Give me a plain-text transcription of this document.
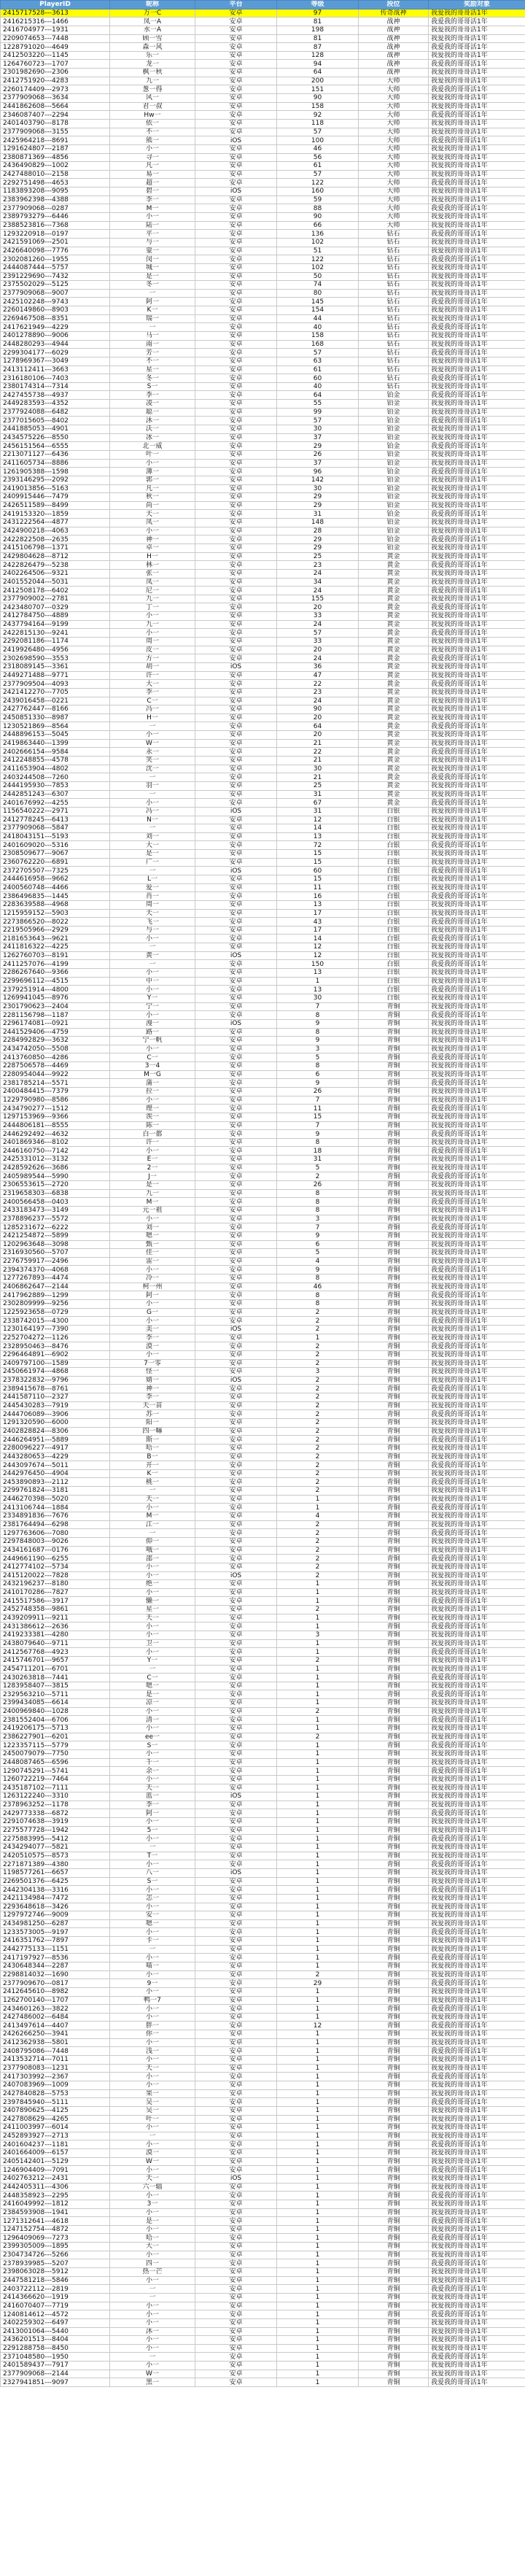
PlayerID	昵称	平台	等级	段位	奖励对象
2415717528---3613	万一C	安卓	97	传奇战神	我爱我的哥哥活1年
2416215316---1466	凤一A	安卓	81	战神	我爱我的哥哥活1年
2416704977---1931	水一A	安卓	198	战神	我爱我的哥哥活1年
2209074653---7448	顾一雪	安卓	81	战神	我爱我的哥哥活1年
1228791020---4649	森一风	安卓	87	战神	我爱我的哥哥活1年
2412503220---1145	乐一	安卓	128	战神	我爱我的哥哥活1年
1264760723---1707	龙一	安卓	94	战神	我爱我的哥哥活1年
2301982690---2306	枫一秋	安卓	64	战神	我爱我的哥哥活1年
2412751920---4283	九一	安卓	200	大师	我爱我的哥哥活1年
2260174409---2973	葱一得	安卓	151	大师	我爱我的哥哥活1年
2377909068---3634	风一	安卓	90	大师	我爱我的哥哥活1年
2441862608---5664	君一叔	安卓	158	大师	我爱我的哥哥活1年
2346087407---2294	Hw一	安卓	92	大师	我爱我的哥哥活1年
2401403790---8178	依一	安卓	118	大师	我爱我的哥哥活1年
2377909068---3155	不一	安卓	57	大师	我爱我的哥哥活1年
2425964218---8691	熊一	iOS	100	大师	我爱我的哥哥活1年
1291624807---2187	小一	安卓	46	大师	我爱我的哥哥活1年
2380871369---4856	寻一	安卓	56	大师	我爱我的哥哥活1年
2436490829---1002	凡一	安卓	61	大师	我爱我的哥哥活1年
2427488010---2158	易一	安卓	57	大师	我爱我的哥哥活1年
2292751498---4653	超一	安卓	122	大师	我爱我的哥哥活1年
1183893208---9095	碧一	iOS	160	大师	我爱我的哥哥活1年
2383962398---4388	李一	安卓	59	大师	我爱我的哥哥活1年
2377909068---0287	M一	安卓	88	大师	我爱我的哥哥活1年
2389793279---6446	小一	安卓	90	大师	我爱我的哥哥活1年
2388523816---7368	陆一	安卓	66	大师	我爱我的哥哥活1年
1293220918---0197	平一	安卓	136	钻石	我爱我的哥哥活1年
2421591069---2501	与一	安卓	102	钻石	我爱我的哥哥活1年
2426640098---7776	蒙一	安卓	51	钻石	我爱我的哥哥活1年
2302081260---1955	闵一	安卓	122	钻石	我爱我的哥哥活1年
2444087444---5757	城一	安卓	102	钻石	我爱我的哥哥活1年
2391229690---7432	是一	安卓	50	钻石	我爱我的哥哥活1年
2375502029---5125	冬一	安卓	74	钻石	我爱我的哥哥活1年
2377909068---9007	一	安卓	80	钻石	我爱我的哥哥活1年
2425102248---9743	阿一	安卓	145	钻石	我爱我的哥哥活1年
2260149860---8903	K一	安卓	154	钻石	我爱我的哥哥活1年
2269467508---8351	瑞一	安卓	44	钻石	我爱我的哥哥活1年
2417621949---4229	一	安卓	40	钻石	我爱我的哥哥活1年
2401278890---9006	马一	安卓	158	钻石	我爱我的哥哥活1年
2448280293---4944	南一	安卓	168	钻石	我爱我的哥哥活1年
2299304177---6029	芳一	安卓	57	钻石	我爱我的哥哥活1年
1278969367---3049	不一	安卓	63	钻石	我爱我的哥哥活1年
2413112411---3663	星一	安卓	61	钻石	我爱我的哥哥活1年
2316180106---7403	冬一	安卓	60	钻石	我爱我的哥哥活1年
2380174314---7314	S一	安卓	40	钻石	我爱我的哥哥活1年
2427455738---4937	李一	安卓	64	铂金	我爱我的哥哥活1年
2449283593---4352	凌一	安卓	55	铂金	我爱我的哥哥活1年
2377924088---6482	聪一	安卓	99	铂金	我爱我的哥哥活1年
2377015605---8402	沐一	安卓	57	铂金	我爱我的哥哥活1年
2441885053---4901	沃一	安卓	30	铂金	我爱我的哥哥活1年
2434575226---8550	冰一	安卓	37	铂金	我爱我的哥哥活1年
2456151564---6555	北一威	安卓	29	铂金	我爱我的哥哥活1年
2213071127---6436	叶一	安卓	26	铂金	我爱我的哥哥活1年
2411605734---8886	小一	安卓	37	铂金	我爱我的哥哥活1年
1261905388---1598	薄一	安卓	96	铂金	我爱我的哥哥活1年
2393146295---2092	郭一	安卓	142	铂金	我爱我的哥哥活1年
2419013856---5163	凡一	安卓	30	铂金	我爱我的哥哥活1年
2409915446---7479	秋一	安卓	29	铂金	我爱我的哥哥活1年
2426511589---8499	尚一	安卓	29	铂金	我爱我的哥哥活1年
2419153320---1859	天一	安卓	31	铂金	我爱我的哥哥活1年
2431222564---4877	凤一	安卓	148	铂金	我爱我的哥哥活1年
2424900218---4063	小一	安卓	28	铂金	我爱我的哥哥活1年
2422822508---2635	神一	安卓	29	铂金	我爱我的哥哥活1年
2415106798---1371	卓一	安卓	29	铂金	我爱我的哥哥活1年
2429804628---8712	H一	安卓	25	黄金	我爱我的哥哥活1年
2422826479---5238	林一	安卓	23	黄金	我爱我的哥哥活1年
2402264506---9321	张一	安卓	24	黄金	我爱我的哥哥活1年
2401552044---5031	凤一	安卓	34	黄金	我爱我的哥哥活1年
2412508178---6402	尼一	安卓	24	黄金	我爱我的哥哥活1年
2377909002---2781	九一	安卓	155	黄金	我爱我的哥哥活1年
2423480707---0329	丁一	安卓	20	黄金	我爱我的哥哥活1年
2412784750---4889	小一	安卓	33	黄金	我爱我的哥哥活1年
2437794164---9199	九一	安卓	24	黄金	我爱我的哥哥活1年
2422815130---9241	小一	安卓	57	黄金	我爱我的哥哥活1年
2292081186---1174	周一	安卓	33	黄金	我爱我的哥哥活1年
2419926480---4956	皮一	安卓	20	黄金	我爱我的哥哥活1年
2302698590---3553	方一	安卓	24	黄金	我爱我的哥哥活1年
2318089145---3361	胡一	iOS	36	黄金	我爱我的哥哥活1年
2449271488---9771	许一	安卓	47	黄金	我爱我的哥哥活1年
2377909504---4093	大一	安卓	22	黄金	我爱我的哥哥活1年
2421412270---7705	李一	安卓	23	黄金	我爱我的哥哥活1年
2439016458---0221	C一	安卓	24	黄金	我爱我的哥哥活1年
2427762447---8166	冯一	安卓	90	黄金	我爱我的哥哥活1年
2450851330---8987	H一	安卓	20	黄金	我爱我的哥哥活1年
1230521869---8564	一	安卓	64	黄金	我爱我的哥哥活1年
2448896153---5045	小一	安卓	20	黄金	我爱我的哥哥活1年
2419863440---1399	W一	安卓	21	黄金	我爱我的哥哥活1年
2402666154---9584	永一	安卓	22	黄金	我爱我的哥哥活1年
2412248855---4578	笑一	安卓	21	黄金	我爱我的哥哥活1年
2411653904---4802	沈一	安卓	30	黄金	我爱我的哥哥活1年
2403244508---7260	一	安卓	21	黄金	我爱我的哥哥活1年
2444195930---7853	羽一	安卓	25	黄金	我爱我的哥哥活1年
2442851243---6307	一	安卓	31	黄金	我爱我的哥哥活1年
2401676992---4255	小一	安卓	67	黄金	我爱我的哥哥活1年
1156540222---2971	冯一	iOS	31	白银	我爱我的哥哥活1年
2412778245---6413	N一	安卓	12	白银	我爱我的哥哥活1年
2377909068---5847	一	安卓	14	白银	我爱我的哥哥活1年
2418043151---5193	刘一	安卓	13	白银	我爱我的哥哥活1年
2401609020---5316	大一	安卓	72	白银	我爱我的哥哥活1年
2308509677---9067	是一	安卓	15	白银	我爱我的哥哥活1年
2360762220---6891	广一	安卓	15	白银	我爱我的哥哥活1年
2372705507---7325	一	iOS	60	白银	我爱我的哥哥活1年
2444616958---9662	L一	安卓	15	白银	我爱我的哥哥活1年
2400560748---4466	爱一	安卓	11	白银	我爱我的哥哥活1年
2386496835---1445	肖一	安卓	16	白银	我爱我的哥哥活1年
2283639588---4968	周一	安卓	13	白银	我爱我的哥哥活1年
1215959152---5903	天一	安卓	17	白银	我爱我的哥哥活1年
2273866520---8022	飞一	安卓	43	白银	我爱我的哥哥活1年
2219505966---2929	与一	安卓	17	白银	我爱我的哥哥活1年
2181653643---9621	小一	安卓	14	白银	我爱我的哥哥活1年
2411816322---4225	一	安卓	12	白银	我爱我的哥哥活1年
1262760703---8191	黄一	iOS	12	白银	我爱我的哥哥活1年
2411257076---4199	一	安卓	150	白银	我爱我的哥哥活1年
2286267640---9366	小一	安卓	13	白银	我爱我的哥哥活1年
2299696112---4515	中一	安卓	1	白银	我爱我的哥哥活1年
2379251914---4800	小一	安卓	13	白银	我爱我的哥哥活1年
1269941045---8976	Y一	安卓	30	白银	我爱我的哥哥活1年
2301790623---2404	宁一	安卓	7	青铜	我爱我的哥哥活1年
2281156798---1187	小一	安卓	8	青铜	我爱我的哥哥活1年
2296174081---0921	漫一	iOS	9	青铜	我爱我的哥哥活1年
2441529406---4759	路一	安卓	8	青铜	我爱我的哥哥活1年
2284992829---3632	宁一帆	安卓	9	青铜	我爱我的哥哥活1年
2434742050---5508	小一	安卓	3	青铜	我爱我的哥哥活1年
2413760850---4286	C一	安卓	5	青铜	我爱我的哥哥活1年
2287506578---4469	3一4	安卓	8	青铜	我爱我的哥哥活1年
2280954044---9922	M一G	安卓	6	青铜	我爱我的哥哥活1年
2381785214---5571	蒲一	安卓	9	青铜	我爱我的哥哥活1年
2400484415---7379	拉一	安卓	26	青铜	我爱我的哥哥活1年
1229790980---8586	小一	安卓	7	青铜	我爱我的哥哥活1年
2434790277---1512	理一	安卓	11	青铜	我爱我的哥哥活1年
1297153969---9366	诶一	安卓	15	青铜	我爱我的哥哥活1年
2444806181---8555	陈一	安卓	7	青铜	我爱我的哥哥活1年
2446292492---4632	白一都	安卓	9	青铜	我爱我的哥哥活1年
2401869346---8102	许一	安卓	8	青铜	我爱我的哥哥活1年
2446160750---7142	小一	安卓	18	青铜	我爱我的哥哥活1年
2425331012---3132	E一	安卓	31	青铜	我爱我的哥哥活1年
2428592626---3686	2一	安卓	5	青铜	我爱我的哥哥活1年
2405989544---5990	J一	安卓	2	青铜	我爱我的哥哥活1年
2306553615---2720	是一	安卓	26	青铜	我爱我的哥哥活1年
2319658303---6838	九一	安卓	8	青铜	我爱我的哥哥活1年
2400566458---0403	M一	安卓	8	青铜	我爱我的哥哥活1年
2433183473---3149	元一祖	安卓	8	青铜	我爱我的哥哥活1年
2378896237---5572	小一	安卓	3	青铜	我爱我的哥哥活1年
1285231672---6222	刘一	安卓	7	青铜	我爱我的哥哥活1年
2421254872---5899	嗯一	安卓	9	青铜	我爱我的哥哥活1年
1202963648---3098	甄一	安卓	6	青铜	我爱我的哥哥活1年
2316930560---5707	佳一	安卓	5	青铜	我爱我的哥哥活1年
2276759917---2496	雷一	安卓	4	青铜	我爱我的哥哥活1年
2394374370---4068	小一	安卓	9	青铜	我爱我的哥哥活1年
1277267893---4474	冷一	安卓	8	青铜	我爱我的哥哥活1年
2406862647---2144	柯一州	安卓	46	青铜	我爱我的哥哥活1年
2417962889---1299	阿一	安卓	8	青铜	我爱我的哥哥活1年
2302809999---9256	小一	安卓	8	青铜	我爱我的哥哥活1年
1225923658---0729	G一	安卓	2	青铜	我爱我的哥哥活1年
2338742015---4300	小一	安卓	2	青铜	我爱我的哥哥活1年
1230164197---7390	美一	iOS	2	青铜	我爱我的哥哥活1年
2252704272---1126	李一	安卓	1	青铜	我爱我的哥哥活1年
2328950463---8476	漠一	安卓	2	青铜	我爱我的哥哥活1年
2296464891---6902	小一	安卓	2	青铜	我爱我的哥哥活1年
2409797100---1589	7一零	安卓	2	青铜	我爱我的哥哥活1年
2450661974---4868	怪一	安卓	3	青铜	我爱我的哥哥活1年
2378322832---9796	婧一	iOS	2	青铜	我爱我的哥哥活1年
2389415678---8761	神一	安卓	2	青铜	我爱我的哥哥活1年
2441587110---2327	李一	安卓	2	青铜	我爱我的哥哥活1年
2445430283---7919	天一苗	安卓	2	青铜	我爱我的哥哥活1年
2444706089---3906	苏一	安卓	2	青铜	我爱我的哥哥活1年
1291320590---6000	阳一	安卓	2	青铜	我爱我的哥哥活1年
2402828824---8306	四一嘛	安卓	2	青铜	我爱我的哥哥活1年
2446264951---5889	斯一	安卓	2	青铜	我爱我的哥哥活1年
2280096227---4917	哈一	安卓	2	青铜	我爱我的哥哥活1年
2443280653---4229	B一	安卓	2	青铜	我爱我的哥哥活1年
2443097674---5011	开一	安卓	2	青铜	我爱我的哥哥活1年
2442976450---4904	K一	安卓	2	青铜	我爱我的哥哥活1年
2453890893---2112	桃一	安卓	2	青铜	我爱我的哥哥活1年
2299761824---3181	一	安卓	2	青铜	我爱我的哥哥活1年
2446270398---5020	天一	安卓	1	青铜	我爱我的哥哥活1年
2413106744---1884	小一	安卓	1	青铜	我爱我的哥哥活1年
2334891836---7676	M一	安卓	4	青铜	我爱我的哥哥活1年
2381764494---6298	江一	安卓	2	青铜	我爱我的哥哥活1年
1297763606---7080	一	安卓	2	青铜	我爱我的哥哥活1年
2297848003---9026	仰一	安卓	2	青铜	我爱我的哥哥活1年
2434161687---0176	哦一	安卓	2	青铜	我爱我的哥哥活1年
2449661190---6255	邵一	安卓	2	青铜	我爱我的哥哥活1年
2412774102---5734	小一	安卓	2	青铜	我爱我的哥哥活1年
2415120022---7828	小一	iOS	2	青铜	我爱我的哥哥活1年
2432196237---8180	绝一	安卓	1	青铜	我爱我的哥哥活1年
2410170286---7827	小一	安卓	1	青铜	我爱我的哥哥活1年
2415517586---3917	懒一	安卓	1	青铜	我爱我的哥哥活1年
2452748358---9861	星一	安卓	2	青铜	我爱我的哥哥活1年
2439209911---9211	天一	安卓	1	青铜	我爱我的哥哥活1年
2431386612---2636	小一	安卓	1	青铜	我爱我的哥哥活1年
2419233381---4280	小一	安卓	3	青铜	我爱我的哥哥活1年
2438079640---9711	卫一	安卓	1	青铜	我爱我的哥哥活1年
2412567768---4923	小一	安卓	1	青铜	我爱我的哥哥活1年
2415746701---9657	Y一	安卓	2	青铜	我爱我的哥哥活1年
2454711201---6701	一	安卓	1	青铜	我爱我的哥哥活1年
2430263818---7441	C一	安卓	1	青铜	我爱我的哥哥活1年
1283958407---3815	嗯一	安卓	1	青铜	我爱我的哥哥活1年
2329563210---5711	是一	安卓	1	青铜	我爱我的哥哥活1年
2399434085---6614	凉一	安卓	1	青铜	我爱我的哥哥活1年
2400969840---1028	小一	安卓	2	青铜	我爱我的哥哥活1年
2381552404---6706	清一	安卓	1	青铜	我爱我的哥哥活1年
2419206175---5713	小一	安卓	1	青铜	我爱我的哥哥活1年
2386227901---6201	ee一	安卓	2	青铜	我爱我的哥哥活1年
1223357115---5779	S一	安卓	1	青铜	我爱我的哥哥活1年
2450079079---7750	小一	安卓	1	青铜	我爱我的哥哥活1年
2448087465---6596	千一	安卓	1	青铜	我爱我的哥哥活1年
1290745291---5741	余一	安卓	1	青铜	我爱我的哥哥活1年
1260722219---7464	小一	安卓	1	青铜	我爱我的哥哥活1年
2435187102---7111	天一	安卓	1	青铜	我爱我的哥哥活1年
1263122240---3310	蓝一	iOS	1	青铜	我爱我的哥哥活1年
2378963252---1178	李一	安卓	1	青铜	我爱我的哥哥活1年
2429773338---6872	阿一	安卓	1	青铜	我爱我的哥哥活1年
2291074638---3919	小一	安卓	1	青铜	我爱我的哥哥活1年
2275577728---1942	5一	安卓	1	青铜	我爱我的哥哥活1年
2275883995---5412	小一	安卓	1	青铜	我爱我的哥哥活1年
2434294077---5821	一	安卓	1	青铜	我爱我的哥哥活1年
2420510575---8573	T一	安卓	1	青铜	我爱我的哥哥活1年
2271871389---4380	小一	安卓	1	青铜	我爱我的哥哥活1年
1198577261---6657	八一	iOS	1	青铜	我爱我的哥哥活1年
2269501376---6425	S一	安卓	1	青铜	我爱我的哥哥活1年
2442304138---3316	小一	安卓	1	青铜	我爱我的哥哥活1年
2421134984---7472	怎一	安卓	1	青铜	我爱我的哥哥活1年
2293648618---3426	小一	安卓	1	青铜	我爱我的哥哥活1年
1297972746---9009	安一	安卓	1	青铜	我爱我的哥哥活1年
2434981250---6287	嗯一	安卓	1	青铜	我爱我的哥哥活1年
1233573005---9197	小一	安卓	1	青铜	我爱我的哥哥活1年
2416351762---7897	卡一	安卓	1	青铜	我爱我的哥哥活1年
2442775133---1151	一	安卓	1	青铜	我爱我的哥哥活1年
2417197927---8536	小一	安卓	1	青铜	我爱我的哥哥活1年
2430648344---2287	喵一	安卓	1	青铜	我爱我的哥哥活1年
2298814032---1690	小一	安卓	2	青铜	我爱我的哥哥活1年
2377909670---0817	9一	安卓	29	青铜	我爱我的哥哥活1年
2412645610---8982	小一	安卓	1	青铜	我爱我的哥哥活1年
1262700140---1707	鸭一7	安卓	1	青铜	我爱我的哥哥活1年
2434601263---3822	小一	安卓	1	青铜	我爱我的哥哥活1年
2427486002---6484	小一	安卓	1	青铜	我爱我的哥哥活1年
2413497614---4407	胖一	安卓	12	青铜	我爱我的哥哥活1年
2426266250---3941	你一	安卓	1	青铜	我爱我的哥哥活1年
2412362938---5801	小一	安卓	1	青铜	我爱我的哥哥活1年
2408795086---7448	浅一	安卓	1	青铜	我爱我的哥哥活1年
2413532714---7011	小一	安卓	1	青铜	我爱我的哥哥活1年
2377908083---1231	天一	安卓	1	青铜	我爱我的哥哥活1年
2417303992---2367	小一	安卓	1	青铜	我爱我的哥哥活1年
2407083969---1009	小一	安卓	1	青铜	我爱我的哥哥活1年
2427840828---5753	果一	安卓	1	青铜	我爱我的哥哥活1年
2397845940---5111	吴一	安卓	1	青铜	我爱我的哥哥活1年
2407890625---4125	吴一	安卓	1	青铜	我爱我的哥哥活1年
2427808629---4265	叶一	安卓	1	青铜	我爱我的哥哥活1年
2411003997---6014	小一	安卓	1	青铜	我爱我的哥哥活1年
2452893927---2713	一	安卓	1	青铜	我爱我的哥哥活1年
2401604237---1181	小一	安卓	1	青铜	我爱我的哥哥活1年
2401664009---6157	漠一	安卓	1	青铜	我爱我的哥哥活1年
2405142401---5129	W一	安卓	1	青铜	我爱我的哥哥活1年
1246904409---7091	小一	安卓	1	青铜	我爱我的哥哥活1年
2402763212---2431	天一	iOS	1	青铜	我爱我的哥哥活1年
2442405311---4306	六一辐	安卓	1	青铜	我爱我的哥哥活1年
2448358923---2295	小一	安卓	1	青铜	我爱我的哥哥活1年
2416049992---1812	3一	安卓	1	青铜	我爱我的哥哥活1年
2384593908---1941	小一	安卓	1	青铜	我爱我的哥哥活1年
1271312641---4618	是一	安卓	1	青铜	我爱我的哥哥活1年
1247152754---4872	小一	安卓	1	青铜	我爱我的哥哥活1年
1296409069---7273	哈一	安卓	1	青铜	我爱我的哥哥活1年
2399305009---1895	大一	安卓	1	青铜	我爱我的哥哥活1年
2304734726---5266	小一	安卓	1	青铜	我爱我的哥哥活1年
2378939985---5207	四一	安卓	1	青铜	我爱我的哥哥活1年
2398063028---5912	热一芒	安卓	1	青铜	我爱我的哥哥活1年
2447581218---5846	小一	安卓	1	青铜	我爱我的哥哥活1年
2403722112---2819	一	安卓	1	青铜	我爱我的哥哥活1年
2414366620---1919	一	安卓	1	青铜	我爱我的哥哥活1年
2416070407---7719	小一	安卓	1	青铜	我爱我的哥哥活1年
1240814612---4572	小一	安卓	1	青铜	我爱我的哥哥活1年
2402259302---6497	小一	安卓	1	青铜	我爱我的哥哥活1年
2413001064---5440	沐一	安卓	1	青铜	我爱我的哥哥活1年
2436201513---8404	小一	安卓	1	青铜	我爱我的哥哥活1年
2291288758---8450	小一	安卓	1	青铜	我爱我的哥哥活1年
2371048580---1950	一	安卓	1	青铜	我爱我的哥哥活1年
2401589437---7917	小一	安卓	1	青铜	我爱我的哥哥活1年
2377909068---2144	W一	安卓	1	青铜	我爱我的哥哥活1年
2327941851---9097	黑一	安卓	1	青铜	我爱我的哥哥活1年
